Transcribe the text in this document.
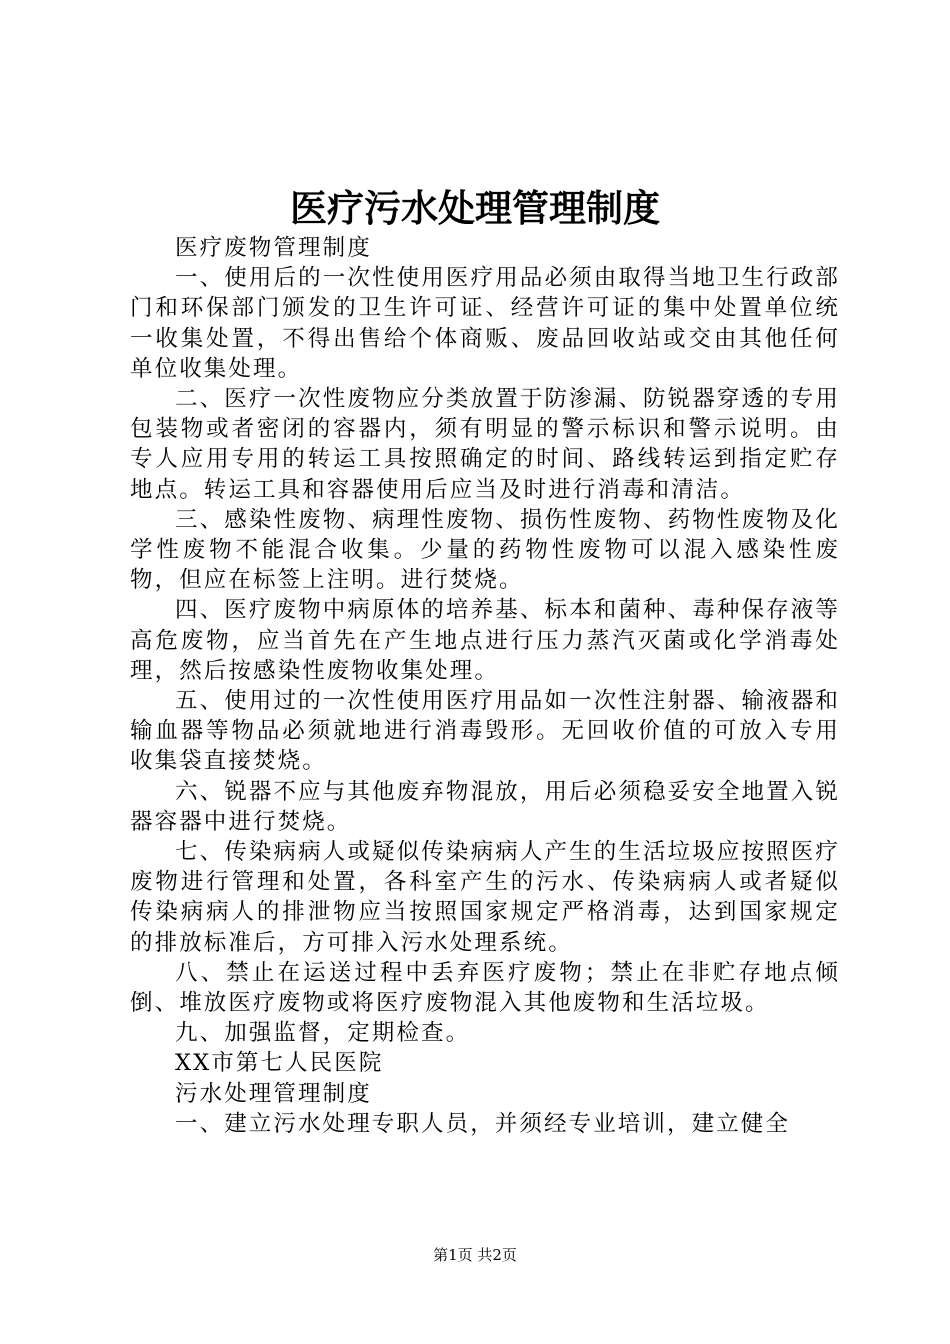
医疗污水处理管理制度

医疗废物管理制度

一、使用后的一次性使用医疗用品必须由取得当地卫生行政部门和环保部门颁发的卫生许可证、经营许可证的集中处置单位统一收集处置，不得出售给个体商贩、废品回收站或交由其他任何单位收集处理。

二、医疗一次性废物应分类放置于防渗漏、防锐器穿透的专用包装物或者密闭的容器内，须有明显的警示标识和警示说明。由专人应用专用的转运工具按照确定的时间、路线转运到指定贮存地点。转运工具和容器使用后应当及时进行消毒和清洁。

三、感染性废物、病理性废物、损伤性废物、药物性废物及化学性废物不能混合收集。少量的药物性废物可以混入感染性废物，但应在标签上注明。进行焚烧。

四、医疗废物中病原体的培养基、标本和菌种、毒种保存液等高危废物，应当首先在产生地点进行压力蒸汽灭菌或化学消毒处理，然后按感染性废物收集处理。

五、使用过的一次性使用医疗用品如一次性注射器、输液器和输血器等物品必须就地进行消毒毁形。无回收价值的可放入专用收集袋直接焚烧。

六、锐器不应与其他废弃物混放，用后必须稳妥安全地置入锐器容器中进行焚烧。

七、传染病病人或疑似传染病病人产生的生活垃圾应按照医疗废物进行管理和处置，各科室产生的污水、传染病病人或者疑似传染病病人的排泄物应当按照国家规定严格消毒，达到国家规定的排放标准后，方可排入污水处理系统。

八、禁止在运送过程中丢弃医疗废物；禁止在非贮存地点倾倒、堆放医疗废物或将医疗废物混入其他废物和生活垃圾。

九、加强监督，定期检查。

XX市第七人民医院

污水处理管理制度

一、建立污水处理专职人员，并须经专业培训，建立健全

第1页 共2页
